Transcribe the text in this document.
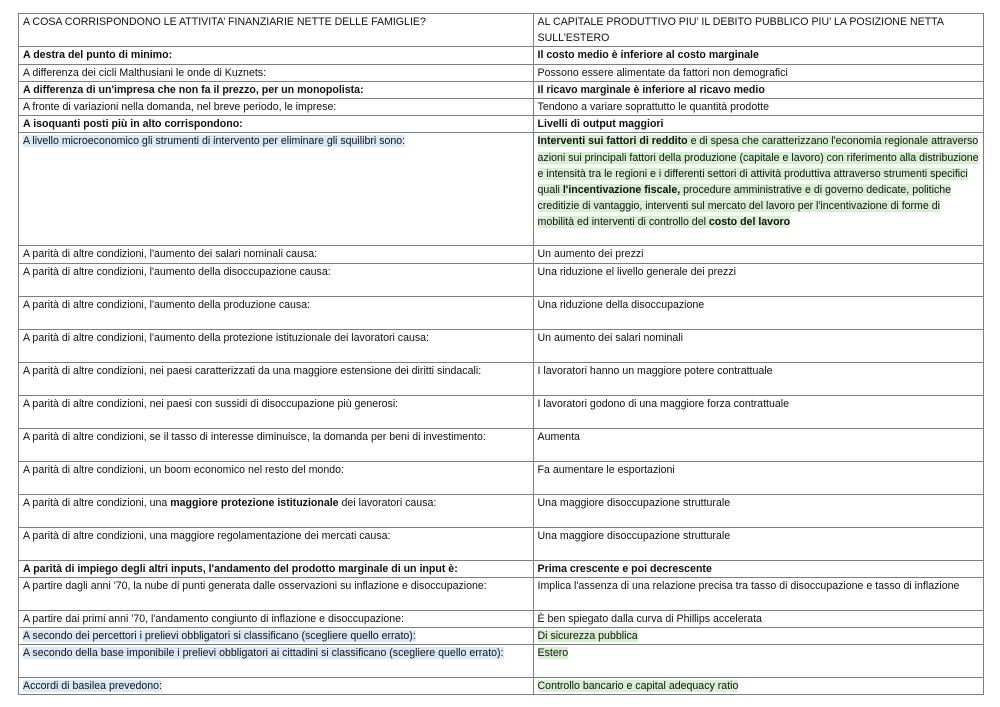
A COSA CORRISPONDONO LE ATTIVITA’ FINANZIARIE NETTE DELLE FAMIGLIE?	AL CAPITALE PRODUTTIVO PIU’ IL DEBITO PUBBLICO PIU’ LA POSIZIONE NETTA SULL’ESTERO
A destra del punto di minimo:	Il costo medio è inferiore al costo marginale
A differenza dei cicli Malthusiani le onde di Kuznets:	Possono essere alimentate da fattori non demografici
A differenza di un'impresa che non fa il prezzo, per un monopolista:	Il ricavo marginale è inferiore al ricavo medio
A fronte di variazioni nella domanda, nel breve periodo, le imprese:	Tendono a variare soprattutto le quantità prodotte
A isoquanti posti più in alto corrispondono:	Livelli di output maggiori
A livello microeconomico gli strumenti di intervento per eliminare gli squilibri sono:	Interventi sui fattori di reddito e di spesa che caratterizzano l'economia regionale attraverso azioni sui principali fattori della produzione (capitale e lavoro) con riferimento alla distribuzione e intensità tra le regioni e i differenti settori di attività produttiva attraverso strumenti specifici quali l'incentivazione fiscale, procedure amministrative e di governo dedicate, politiche creditizie di vantaggio, interventi sul mercato del lavoro per l'incentivazione di forme di mobilità ed interventi di controllo del costo del lavoro
A parità di altre condizioni, l'aumento dei salari nominali causa:	Un aumento dei prezzi
A parità di altre condizioni, l'aumento della disoccupazione causa:	Una riduzione el livello generale dei prezzi
A parità di altre condizioni, l'aumento della produzione causa:	Una riduzione della disoccupazione
A parità di altre condizioni, l'aumento della protezione istituzionale dei lavoratori causa:	Un aumento dei salari nominali
A parità di altre condizioni, nei paesi caratterizzati da una maggiore estensione dei diritti sindacali:	I lavoratori hanno un maggiore potere contrattuale
A parità di altre condizioni, nei paesi con sussidi di disoccupazione più generosi:	I lavoratori godono di una maggiore forza contrattuale
A parità di altre condizioni, se il tasso di interesse diminuisce, la domanda per beni di investimento:	Aumenta
A parità di altre condizioni, un boom economico nel resto del mondo:	Fa aumentare le esportazioni
A parità di altre condizioni, una maggiore protezione istituzionale dei lavoratori causa:	Una maggiore disoccupazione strutturale
A parità di altre condizioni, una maggiore regolamentazione dei mercati causa:	Una maggiore disoccupazione strutturale
A parità di impiego degli altri inputs, l'andamento del prodotto marginale di un input è:	Prima crescente e poi decrescente
A partire dagli anni '70, la nube di punti generata dalle osservazioni su inflazione e disoccupazione:	Implica l'assenza di una relazione precisa tra tasso di disoccupazione e tasso di inflazione
A partire dai primi anni '70, l'andamento congiunto di inflazione e disoccupazione:	È ben spiegato dalla curva di Phillips accelerata
A secondo dei percettori i prelievi obbligatori si classificano (scegliere quello errato):	Di sicurezza pubblica
A secondo della base imponibile i prelievi obbligatori ai cittadini si classificano (scegliere quello errato):	Estero
Accordi di basilea prevedono:	Controllo bancario e capital adequacy ratio
